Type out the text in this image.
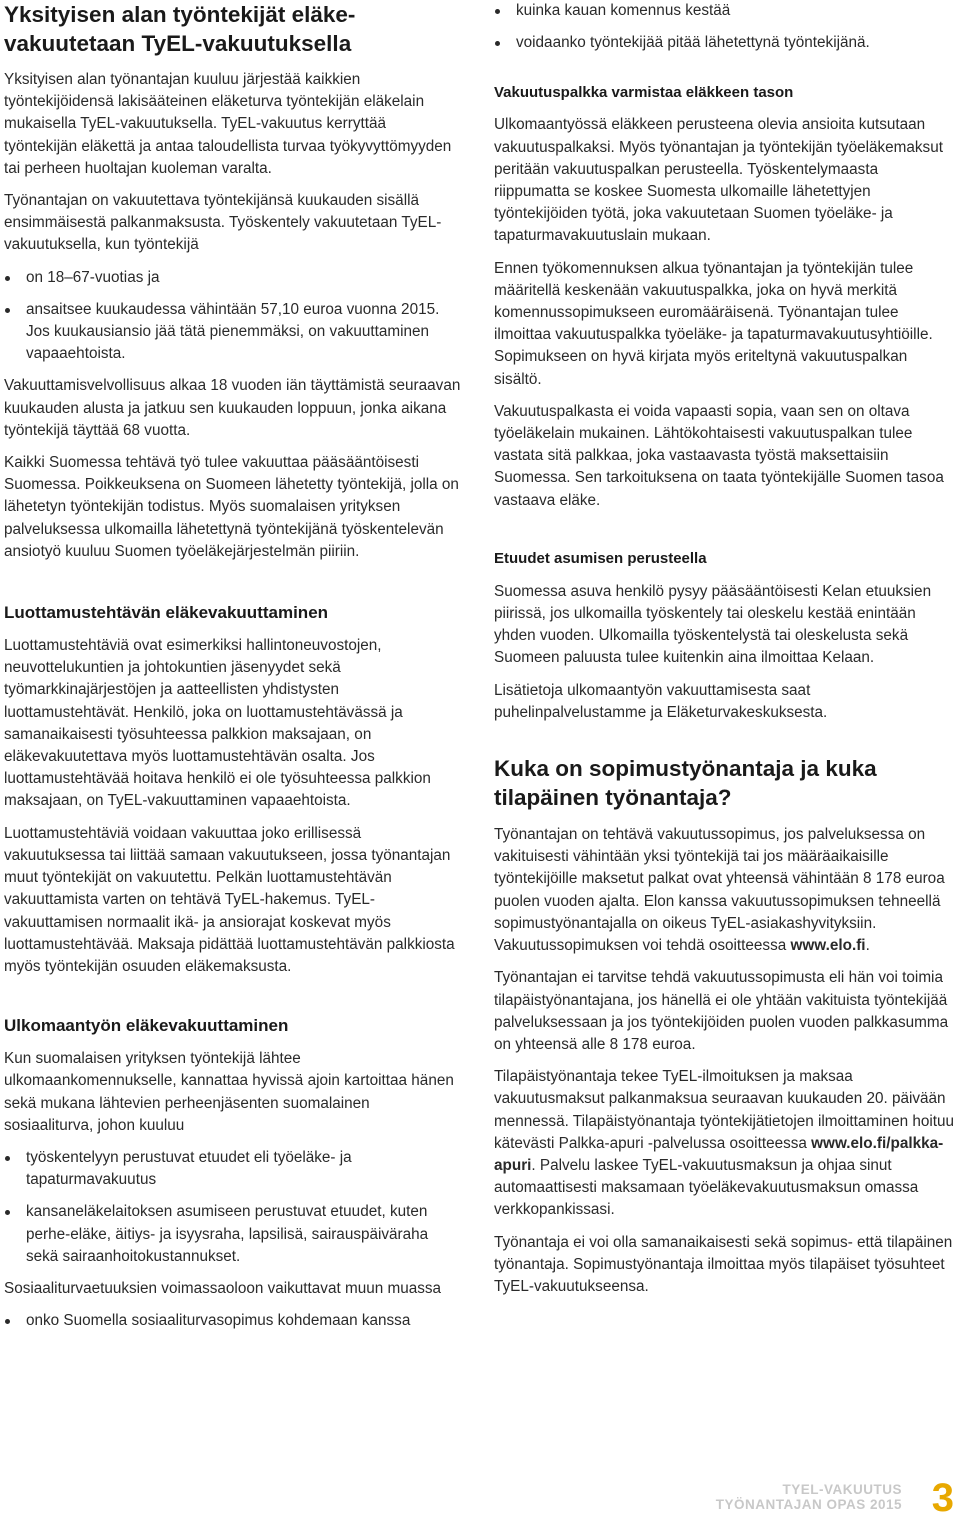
Yksityisen alan työntekijät eläke-
vakuutetaan TyEL-vakuutuksella

Yksityisen alan työnantajan kuuluu järjestää kaikkien työntekijöidensä lakisääteinen eläketurva työntekijän eläkelain mukaisella TyEL-vakuutuksella. TyEL-vakuutus kerryttää työntekijän eläkettä ja antaa taloudellista turvaa työkyvyttömyyden tai perheen huoltajan kuoleman varalta.

Työnantajan on vakuutettava työntekijänsä kuukauden sisällä ensimmäisestä palkanmaksusta. Työskentely vakuutetaan TyEL-vakuutuksella, kun työntekijä

on 18–67-vuotias ja
ansaitsee kuukaudessa vähintään 57,10 euroa vuonna 2015. Jos kuukausiansio jää tätä pienemmäksi, on vakuuttaminen vapaaehtoista.

Vakuuttamisvelvollisuus alkaa 18 vuoden iän täyttämistä seuraavan kuukauden alusta ja jatkuu sen kuukauden loppuun, jonka aikana työntekijä täyttää 68 vuotta.

Kaikki Suomessa tehtävä työ tulee vakuuttaa pääsääntöisesti Suomessa. Poikkeuksena on Suomeen lähetetty työntekijä, jolla on lähetetyn työntekijän todistus. Myös suomalaisen yrityksen palveluksessa ulkomailla lähetettynä työntekijänä työskentelevän ansiotyö kuuluu Suomen työeläkejärjestelmän piiriin.

Luottamustehtävän eläkevakuuttaminen

Luottamustehtäviä ovat esimerkiksi hallintoneuvostojen, neuvottelukuntien ja johtokuntien jäsenyydet sekä työmarkkinajärjestöjen ja aatteellisten yhdistysten luottamustehtävät. Henkilö, joka on luottamustehtävässä ja samanaikaisesti työsuhteessa palkkion maksajaan, on eläkevakuutettava myös luottamustehtävän osalta. Jos luottamustehtävää hoitava henkilö ei ole työsuhteessa palkkion maksajaan, on TyEL-vakuuttaminen vapaaehtoista.

Luottamustehtäviä voidaan vakuuttaa joko erillisessä vakuutuksessa tai liittää samaan vakuutukseen, jossa työnantajan muut työntekijät on vakuutettu. Pelkän luottamustehtävän vakuuttamista varten on tehtävä TyEL-hakemus. TyEL-vakuuttamisen normaalit ikä- ja ansiorajat koskevat myös luottamustehtävää. Maksaja pidättää luottamustehtävän palkkiosta myös työntekijän osuuden eläkemaksusta.

Ulkomaantyön eläkevakuuttaminen

Kun suomalaisen yrityksen työntekijä lähtee ulkomaankomennukselle, kannattaa hyvissä ajoin kartoittaa hänen sekä mukana lähtevien perheenjäsenten suomalainen sosiaaliturva, johon kuuluu

työskentelyyn perustuvat etuudet eli työeläke- ja tapaturmavakuutus
kansaneläkelaitoksen asumiseen perustuvat etuudet, kuten perhe-eläke, äitiys- ja isyysraha, lapsilisä, sairauspäiväraha sekä sairaanhoitokustannukset.

Sosiaaliturvaetuuksien voimassaoloon vaikuttavat muun muassa

onko Suomella sosiaaliturvasopimus kohdemaan kanssa
kuinka kauan komennus kestää
voidaanko työntekijää pitää lähetettynä työntekijänä.
Vakuutuspalkka varmistaa eläkkeen tason

Ulkomaantyössä eläkkeen perusteena olevia ansioita kutsutaan vakuutuspalkaksi. Myös työnantajan ja työntekijän työeläkemaksut peritään vakuutuspalkan perusteella. Työskentelymaasta riippumatta se koskee Suomesta ulkomaille lähetettyjen työntekijöiden työtä, joka vakuutetaan Suomen työeläke- ja tapaturmavakuutuslain mukaan.

Ennen työkomennuksen alkua työnantajan ja työntekijän tulee määritellä keskenään vakuutuspalkka, joka on hyvä merkitä komennussopimukseen euromääräisenä. Työnantajan tulee ilmoittaa vakuutuspalkka työeläke- ja tapaturmavakuutusyhtiöille. Sopimukseen on hyvä kirjata myös eriteltynä vakuutuspalkan sisältö.

Vakuutuspalkasta ei voida vapaasti sopia, vaan sen on oltava työeläkelain mukainen. Lähtökohtaisesti vakuutuspalkan tulee vastata sitä palkkaa, joka vastaavasta työstä maksettaisiin Suomessa. Sen tarkoituksena on taata työntekijälle Suomen tasoa vastaava eläke.

Etuudet asumisen perusteella

Suomessa asuva henkilö pysyy pääsääntöisesti Kelan etuuksien piirissä, jos ulkomailla työskentely tai oleskelu kestää enintään yhden vuoden. Ulkomailla työskentelystä tai oleskelusta sekä Suomeen paluusta tulee kuitenkin aina ilmoittaa Kelaan.

Lisätietoja ulkomaantyön vakuuttamisesta saat puhelinpalvelustamme ja Eläketurvakeskuksesta.

Kuka on sopimustyönantaja ja kuka
tilapäinen työnantaja?

Työnantajan on tehtävä vakuutussopimus, jos palveluksessa on vakituisesti vähintään yksi työntekijä tai jos määräaikaisille työntekijöille maksetut palkat ovat yhteensä vähintään 8 178 euroa puolen vuoden ajalta. Elon kanssa vakuutussopimuksen tehneellä sopimustyönantajalla on oikeus TyEL-asiakashyvityksiin. Vakuutussopimuksen voi tehdä osoitteessa www.elo.fi.

Työnantajan ei tarvitse tehdä vakuutussopimusta eli hän voi toimia tilapäistyönantajana, jos hänellä ei ole yhtään vakituista työntekijää palveluksessaan ja jos työntekijöiden puolen vuoden palkkasumma on yhteensä alle 8 178 euroa.

Tilapäistyönantaja tekee TyEL-ilmoituksen ja maksaa vakuutusmaksut palkanmaksua seuraavan kuukauden 20. päivään mennessä. Tilapäistyönantaja työntekijätietojen ilmoittaminen hoituu kätevästi Palkka-apuri -palvelussa osoitteessa www.elo.fi/palkka-apuri. Palvelu laskee TyEL-vakuutusmaksun ja ohjaa sinut automaattisesti maksamaan työeläkevakuutusmaksun omassa verkkopankissasi.

Työnantaja ei voi olla samanaikaisesti sekä sopimus- että tilapäinen työnantaja. Sopimustyönantaja ilmoittaa myös tilapäiset työsuhteet TyEL-vakuutukseensa.

TYEL-VAKUUTUS
TYÖNANTAJAN OPAS 2015 3
